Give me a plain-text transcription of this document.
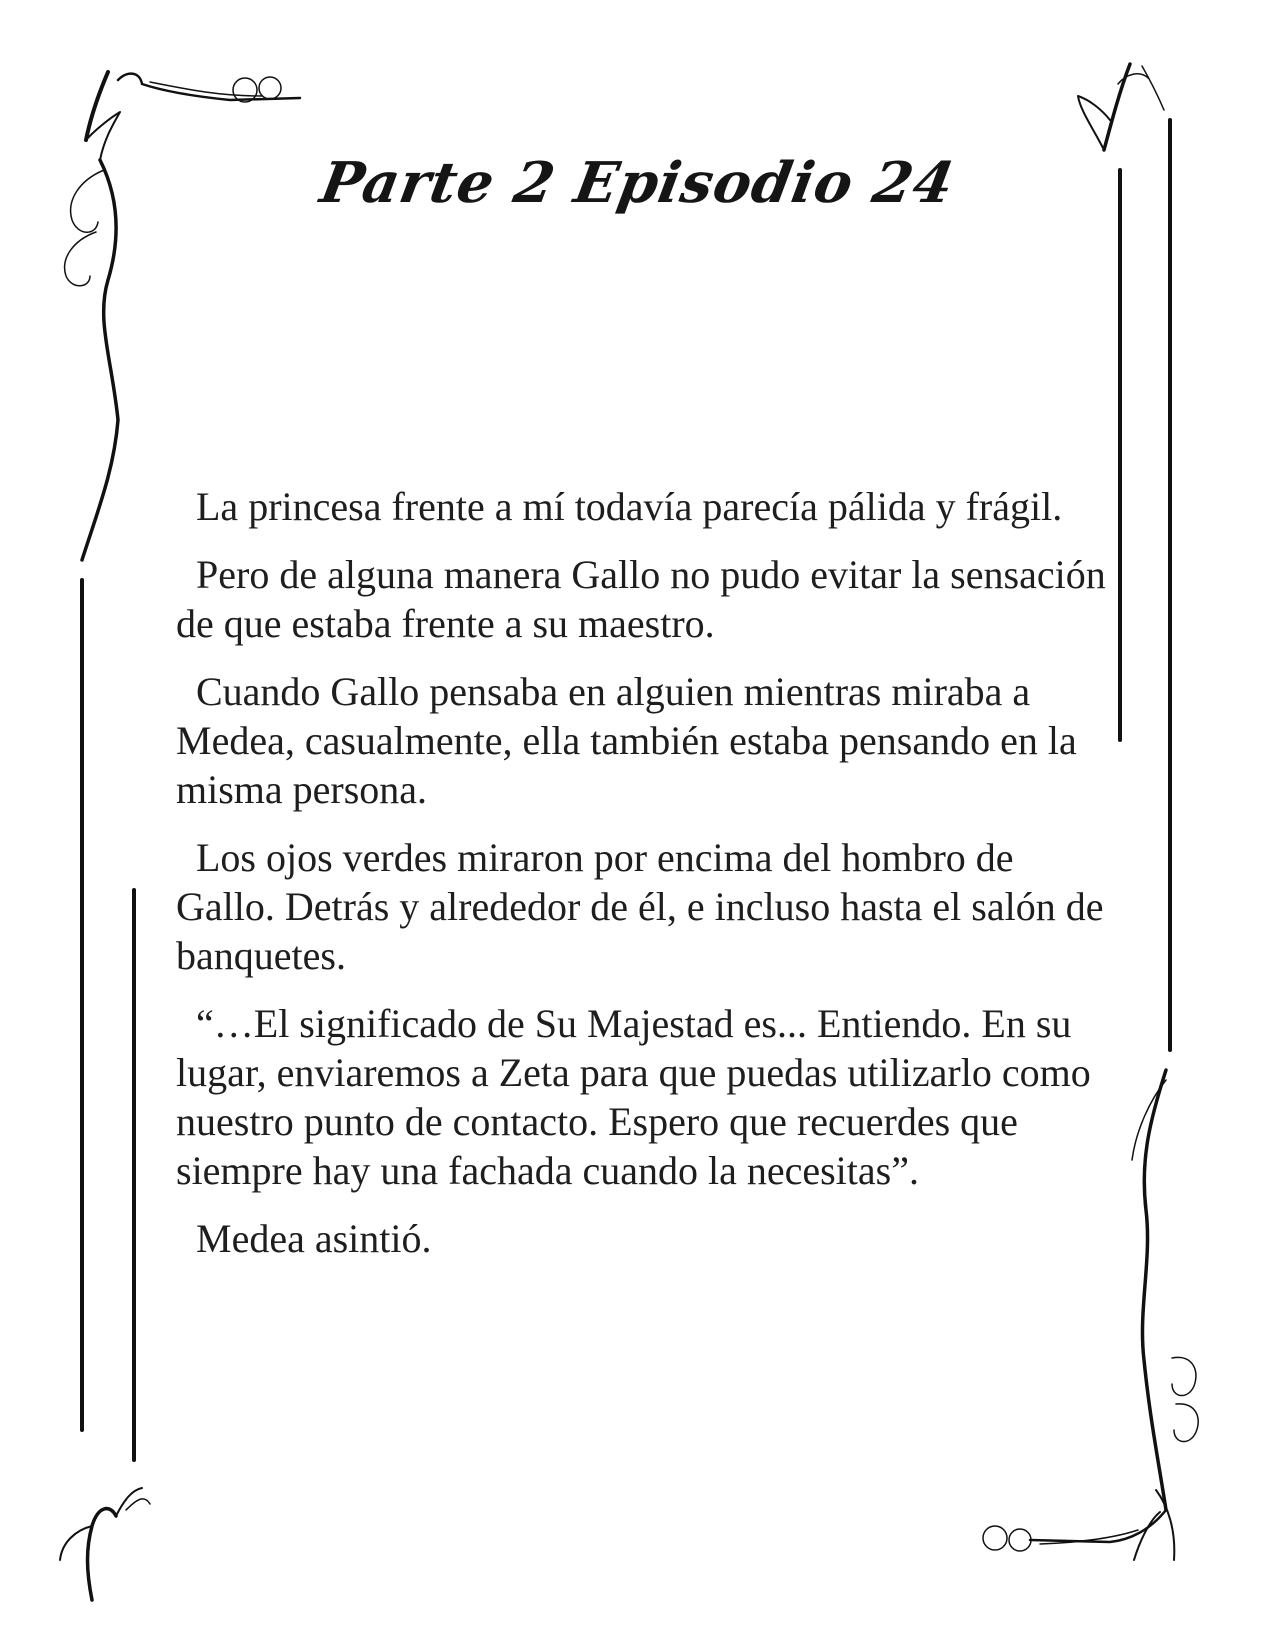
Parte 2 Episodio 24

La princesa frente a mí todavía parecía pálida y frágil.

Pero de alguna manera Gallo no pudo evitar la sensación de que estaba frente a su maestro.

Cuando Gallo pensaba en alguien mientras miraba a Medea, casualmente, ella también estaba pensando en la misma persona.

Los ojos verdes miraron por encima del hombro de Gallo. Detrás y alrededor de él, e incluso hasta el salón de banquetes.

“…El significado de Su Majestad es... Entiendo. En su lugar, enviaremos a Zeta para que puedas utilizarlo como nuestro punto de contacto. Espero que recuerdes que siempre hay una fachada cuando la necesitas”.

Medea asintió.
